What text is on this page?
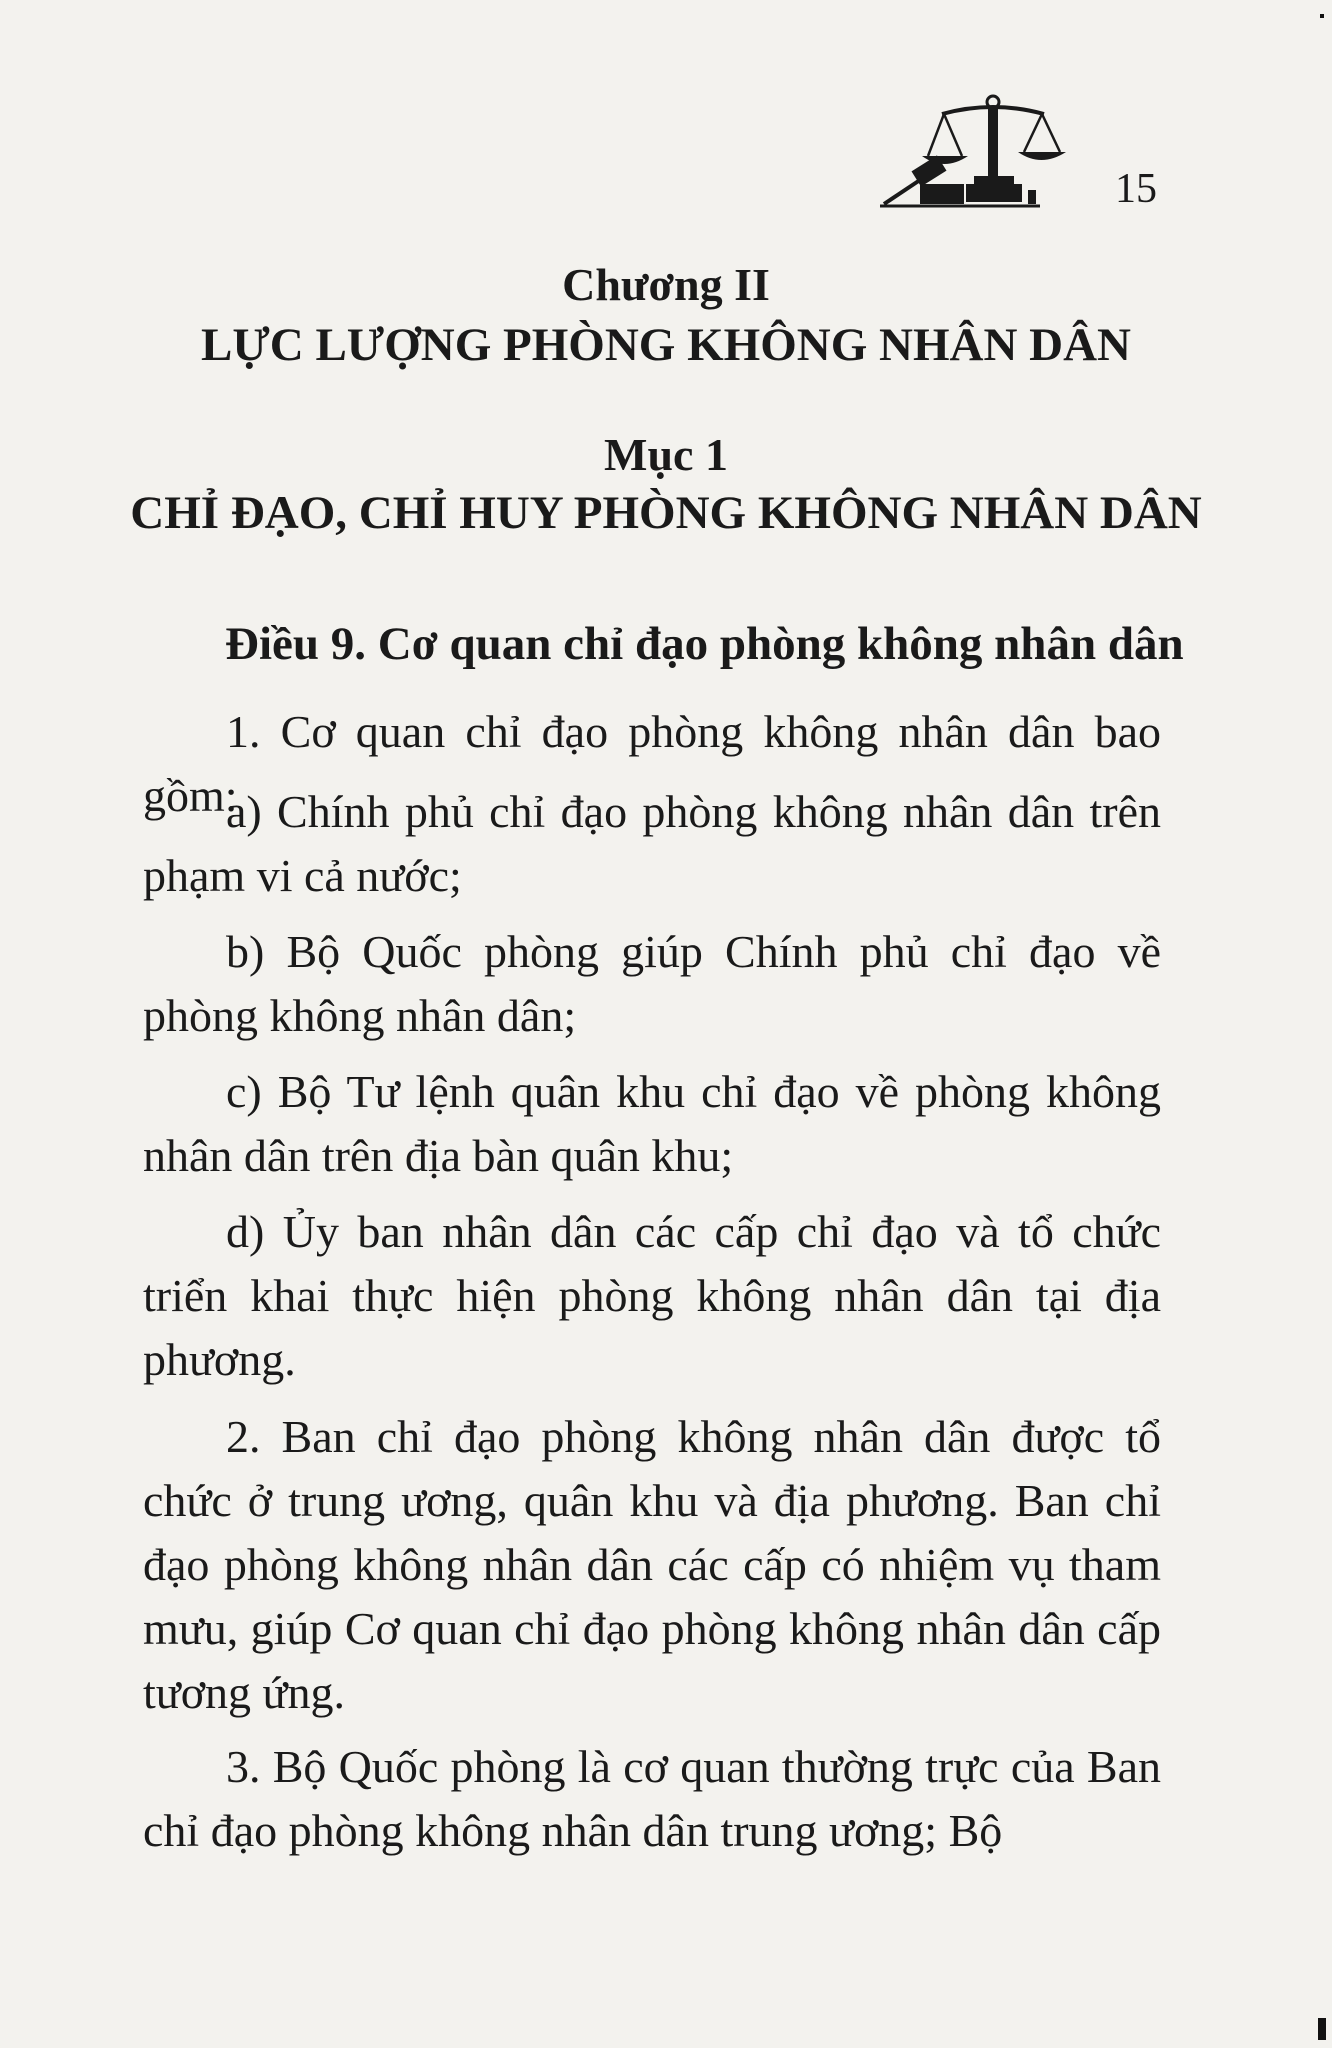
15
Chương II
LỰC LƯỢNG PHÒNG KHÔNG NHÂN DÂN
Mục 1
CHỈ ĐẠO, CHỈ HUY PHÒNG KHÔNG NHÂN DÂN
Điều 9. Cơ quan chỉ đạo phòng không nhân dân

1. Cơ quan chỉ đạo phòng không nhân dân bao gồm:

a) Chính phủ chỉ đạo phòng không nhân dân trên phạm vi cả nước;

b) Bộ Quốc phòng giúp Chính phủ chỉ đạo về phòng không nhân dân;

c) Bộ Tư lệnh quân khu chỉ đạo về phòng không nhân dân trên địa bàn quân khu;

d) Ủy ban nhân dân các cấp chỉ đạo và tổ chức triển khai thực hiện phòng không nhân dân tại địa phương.

2. Ban chỉ đạo phòng không nhân dân được tổ chức ở trung ương, quân khu và địa phương. Ban chỉ đạo phòng không nhân dân các cấp có nhiệm vụ tham mưu, giúp Cơ quan chỉ đạo phòng không nhân dân cấp tương ứng.

3. Bộ Quốc phòng là cơ quan thường trực của Ban chỉ đạo phòng không nhân dân trung ương; Bộ
